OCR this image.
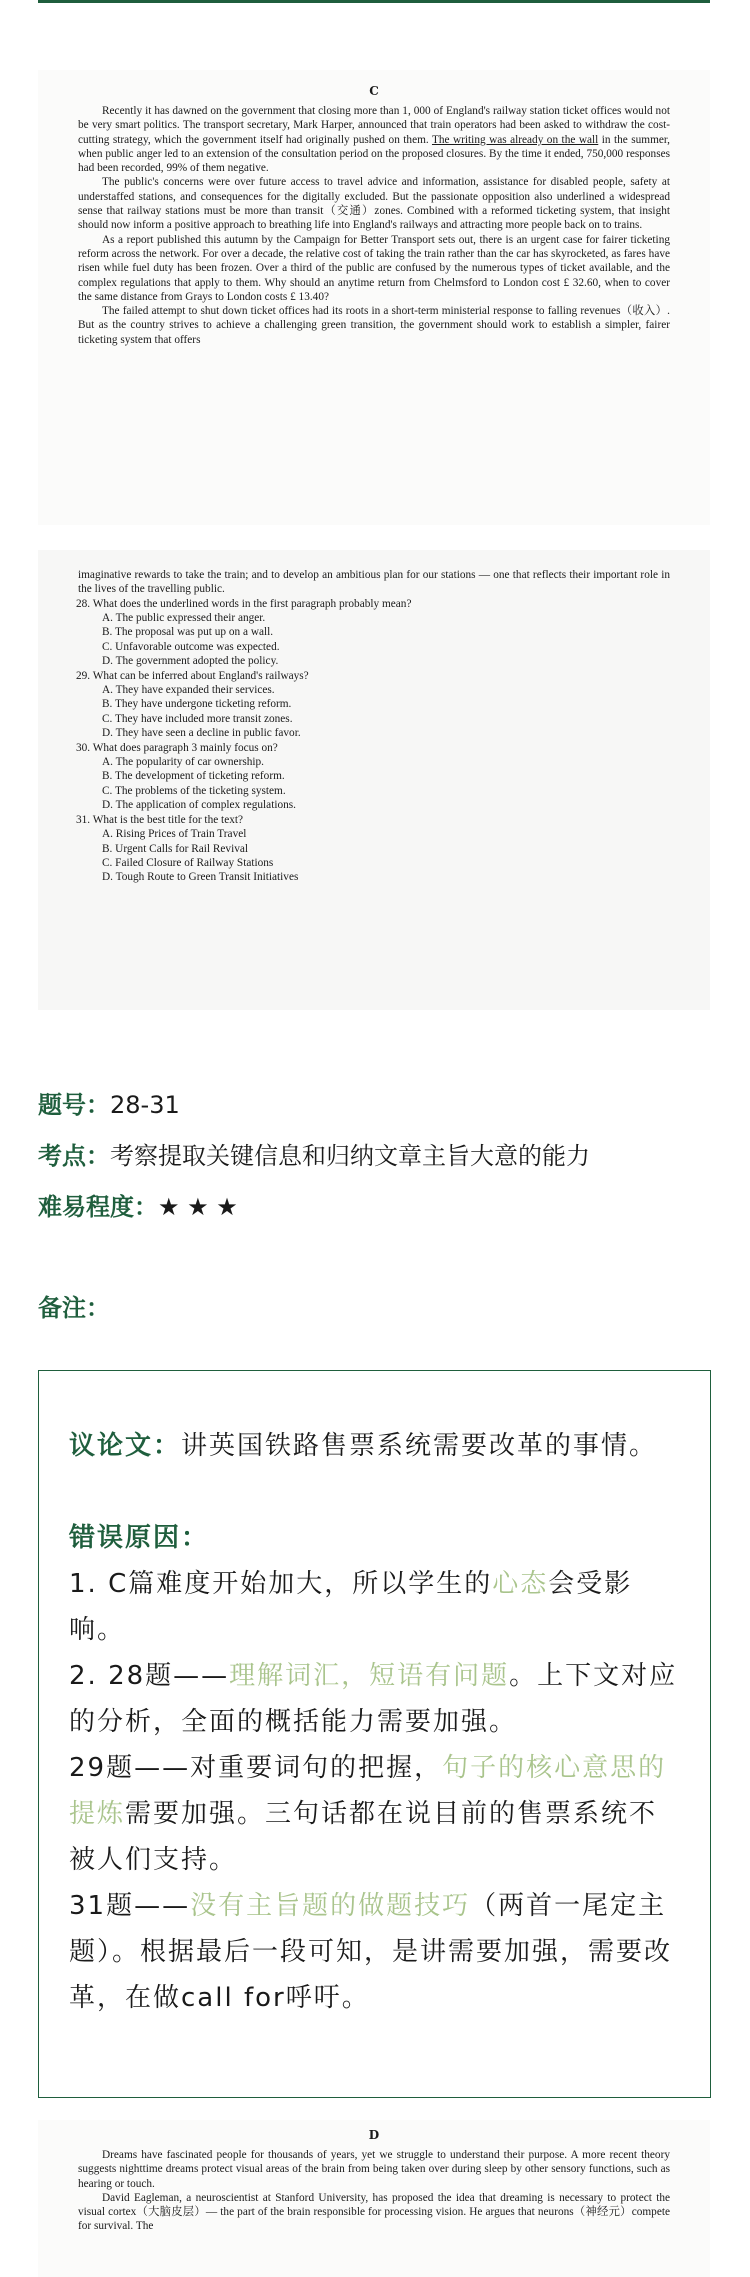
C

Recently it has dawned on the government that closing more than 1, 000 of England's railway station ticket offices would not be very smart politics. The transport secretary, Mark Harper, announced that train operators had been asked to withdraw the cost-cutting strategy, which the government itself had originally pushed on them. The writing was already on the wall in the summer, when public anger led to an extension of the consultation period on the proposed closures. By the time it ended, 750,000 responses had been recorded, 99% of them negative.

The public's concerns were over future access to travel advice and information, assistance for disabled people, safety at understaffed stations, and consequences for the digitally excluded. But the passionate opposition also underlined a widespread sense that railway stations must be more than transit（交通）zones. Combined with a reformed ticketing system, that insight should now inform a positive approach to breathing life into England's railways and attracting more people back on to trains.

As a report published this autumn by the Campaign for Better Transport sets out, there is an urgent case for fairer ticketing reform across the network. For over a decade, the relative cost of taking the train rather than the car has skyrocketed, as fares have risen while fuel duty has been frozen. Over a third of the public are confused by the numerous types of ticket available, and the complex regulations that apply to them. Why should an anytime return from Chelmsford to London cost £ 32.60, when to cover the same distance from Grays to London costs £ 13.40?

The failed attempt to shut down ticket offices had its roots in a short-term ministerial response to falling revenues（收入）. But as the country strives to achieve a challenging green transition, the government should work to establish a simpler, fairer ticketing system that offers

imaginative rewards to take the train; and to develop an ambitious plan for our stations — one that reflects their important role in the lives of the travelling public.

28. What does the underlined words in the first paragraph probably mean?

A. The public expressed their anger.

B. The proposal was put up on a wall.

C. Unfavorable outcome was expected.

D. The government adopted the policy.

29. What can be inferred about England's railways?

A. They have expanded their services.

B. They have undergone ticketing reform.

C. They have included more transit zones.

D. They have seen a decline in public favor.

30. What does paragraph 3 mainly focus on?

A. The popularity of car ownership.

B. The development of ticketing reform.

C. The problems of the ticketing system.

D. The application of complex regulations.

31. What is the best title for the text?

A. Rising Prices of Train Travel

B. Urgent Calls for Rail Revival

C. Failed Closure of Railway Stations

D. Tough Route to Green Transit Initiatives

题号：28-31
考点：考察提取关键信息和归纳文章主旨大意的能力
难易程度：★ ★ ★
备注：

议论文：讲英国铁路售票系统需要改革的事情。

错误原因：

1. C篇难度开始加大，所以学生的心态会受影响。

2. 28题——理解词汇，短语有问题。上下文对应的分析，全面的概括能力需要加强。

29题——对重要词句的把握，句子的核心意思的提炼需要加强。三句话都在说目前的售票系统不被人们支持。

31题——没有主旨题的做题技巧（两首一尾定主题）。根据最后一段可知，是讲需要加强，需要改革，在做call for呼吁。

D

Dreams have fascinated people for thousands of years, yet we struggle to understand their purpose. A more recent theory suggests nighttime dreams protect visual areas of the brain from being taken over during sleep by other sensory functions, such as hearing or touch.

David Eagleman, a neuroscientist at Stanford University, has proposed the idea that dreaming is necessary to protect the visual cortex（大脑皮层）— the part of the brain responsible for processing vision. He argues that neurons（神经元）compete for survival. The
